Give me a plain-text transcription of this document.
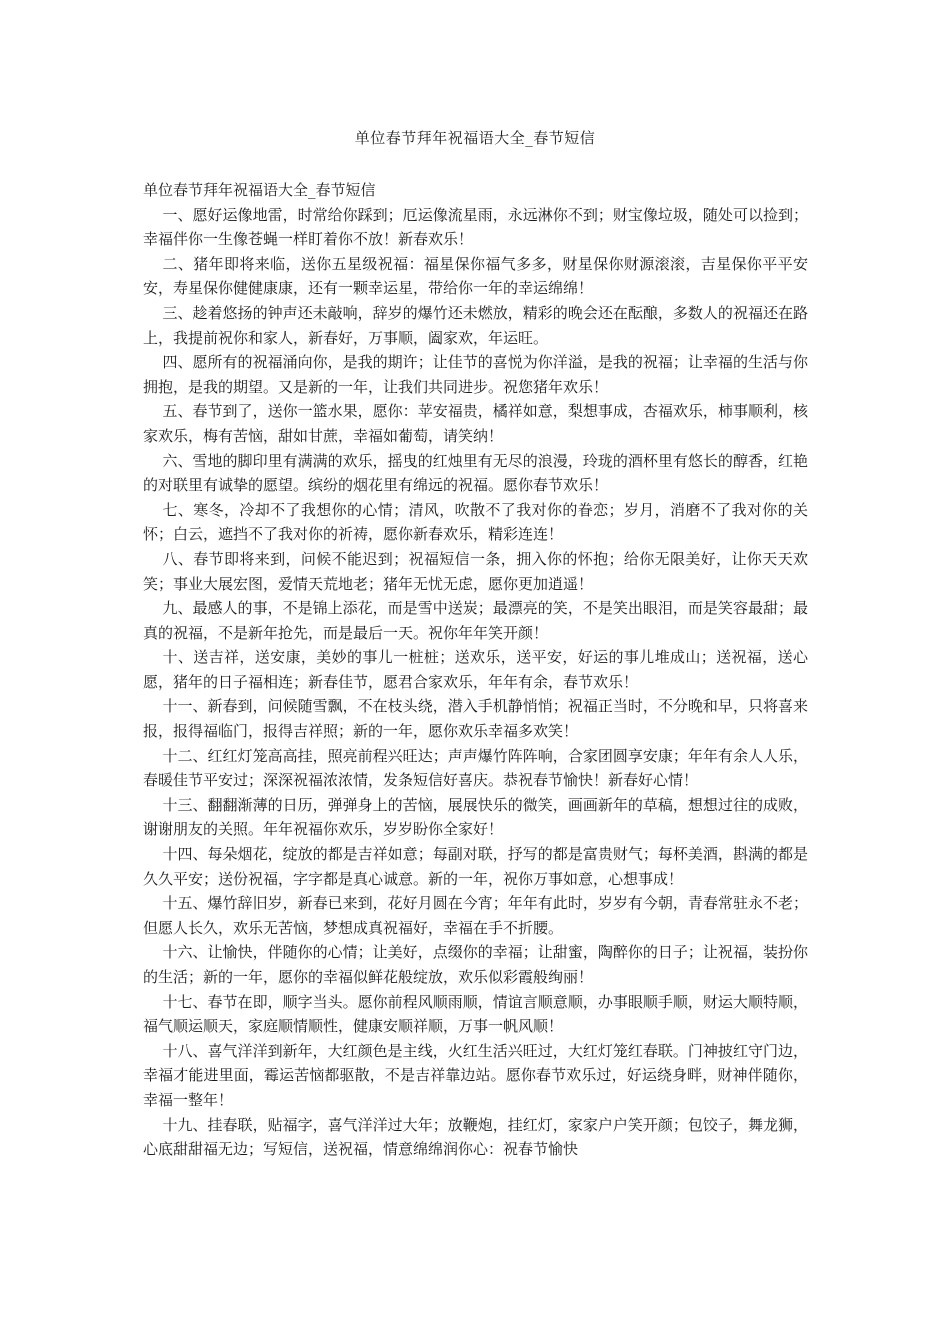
单位春节拜年祝福语大全_春节短信

单位春节拜年祝福语大全_春节短信

一、愿好运像地雷，时常给你踩到；厄运像流星雨，永远淋你不到；财宝像垃圾，随处可以捡到；幸福伴你一生像苍蝇一样盯着你不放！新春欢乐！

二、猪年即将来临，送你五星级祝福：福星保你福气多多，财星保你财源滚滚，吉星保你平平安安，寿星保你健健康康，还有一颗幸运星，带给你一年的幸运绵绵！

三、趁着悠扬的钟声还未敲响，辞岁的爆竹还未燃放，精彩的晚会还在酝酿，多数人的祝福还在路上，我提前祝你和家人，新春好，万事顺，阖家欢，年运旺。

四、愿所有的祝福涌向你，是我的期许；让佳节的喜悦为你洋溢，是我的祝福；让幸福的生活与你拥抱，是我的期望。又是新的一年，让我们共同进步。祝您猪年欢乐！

五、春节到了，送你一篮水果，愿你：苹安福贵，橘祥如意，梨想事成，杏福欢乐，柿事顺利，核家欢乐，梅有苦恼，甜如甘蔗，幸福如葡萄，请笑纳！

六、雪地的脚印里有满满的欢乐，摇曳的红烛里有无尽的浪漫，玲珑的酒杯里有悠长的醇香，红艳的对联里有诚挚的愿望。缤纷的烟花里有绵远的祝福。愿你春节欢乐！

七、寒冬，冷却不了我想你的心情；清风，吹散不了我对你的眷恋；岁月，消磨不了我对你的关怀；白云，遮挡不了我对你的祈祷，愿你新春欢乐，精彩连连！

八、春节即将来到，问候不能迟到；祝福短信一条，拥入你的怀抱；给你无限美好，让你天天欢笑；事业大展宏图，爱情天荒地老；猪年无忧无虑，愿你更加逍遥！

九、最感人的事，不是锦上添花，而是雪中送炭；最漂亮的笑，不是笑出眼泪，而是笑容最甜；最真的祝福，不是新年抢先，而是最后一天。祝你年年笑开颜！

十、送吉祥，送安康，美妙的事儿一桩桩；送欢乐，送平安，好运的事儿堆成山；送祝福，送心愿，猪年的日子福相连；新春佳节，愿君合家欢乐，年年有余，春节欢乐！

十一、新春到，问候随雪飘，不在枝头绕，潜入手机静悄悄；祝福正当时，不分晚和早，只将喜来报，报得福临门，报得吉祥照；新的一年，愿你欢乐幸福多欢笑！

十二、红红灯笼高高挂，照亮前程兴旺达；声声爆竹阵阵响，合家团圆享安康；年年有余人人乐，春暖佳节平安过；深深祝福浓浓情，发条短信好喜庆。恭祝春节愉快！新春好心情！

十三、翻翻渐薄的日历，弹弹身上的苦恼，展展快乐的微笑，画画新年的草稿，想想过往的成败，谢谢朋友的关照。年年祝福你欢乐，岁岁盼你全家好！

十四、每朵烟花，绽放的都是吉祥如意；每副对联，抒写的都是富贵财气；每杯美酒，斟满的都是久久平安；送份祝福，字字都是真心诚意。新的一年，祝你万事如意，心想事成！

十五、爆竹辞旧岁，新春已来到，花好月圆在今宵；年年有此时，岁岁有今朝，青春常驻永不老；但愿人长久，欢乐无苦恼，梦想成真祝福好，幸福在手不折腰。

十六、让愉快，伴随你的心情；让美好，点缀你的幸福；让甜蜜，陶醉你的日子；让祝福，装扮你的生活；新的一年，愿你的幸福似鲜花般绽放，欢乐似彩霞般绚丽！

十七、春节在即，顺字当头。愿你前程风顺雨顺，情谊言顺意顺，办事眼顺手顺，财运大顺特顺，福气顺运顺天，家庭顺情顺性，健康安顺祥顺，万事一帆风顺！

十八、喜气洋洋到新年，大红颜色是主线，火红生活兴旺过，大红灯笼红春联。门神披红守门边，幸福才能进里面，霉运苦恼都驱散，不是吉祥靠边站。愿你春节欢乐过，好运绕身畔，财神伴随你，幸福一整年！

十九、挂春联，贴福字，喜气洋洋过大年；放鞭炮，挂红灯，家家户户笑开颜；包饺子，舞龙狮，心底甜甜福无边；写短信，送祝福，情意绵绵润你心：祝春节愉快
